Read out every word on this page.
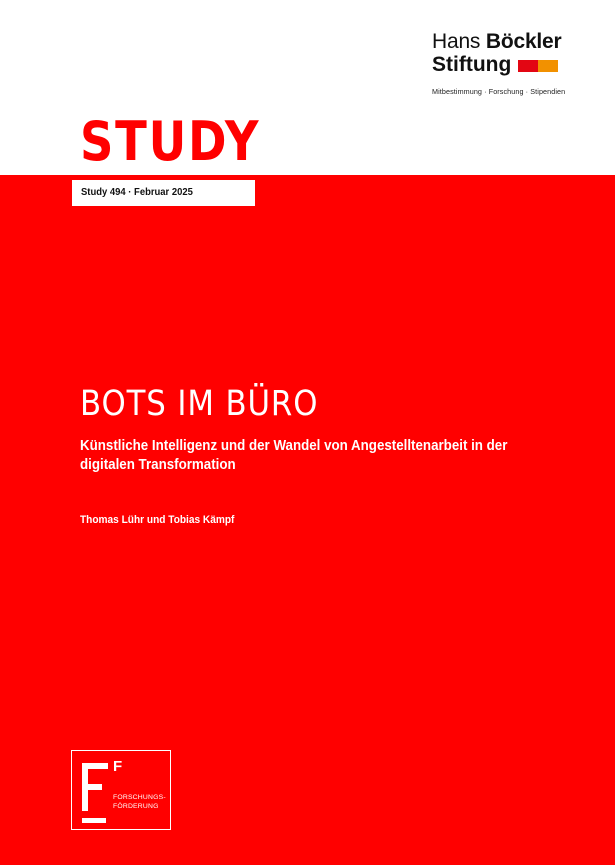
Hans Böckler
Stiftung
Mitbestimmung · Forschung · Stipendien
STUDY
Study 494 · Februar 2025
BOTS IM BÜRO
Künstliche Intelligenz und der Wandel von Angestelltenarbeit in der digitalen Transformation
Thomas Lühr und Tobias Kämpf
F
FORSCHUNGS-
FÖRDERUNG
